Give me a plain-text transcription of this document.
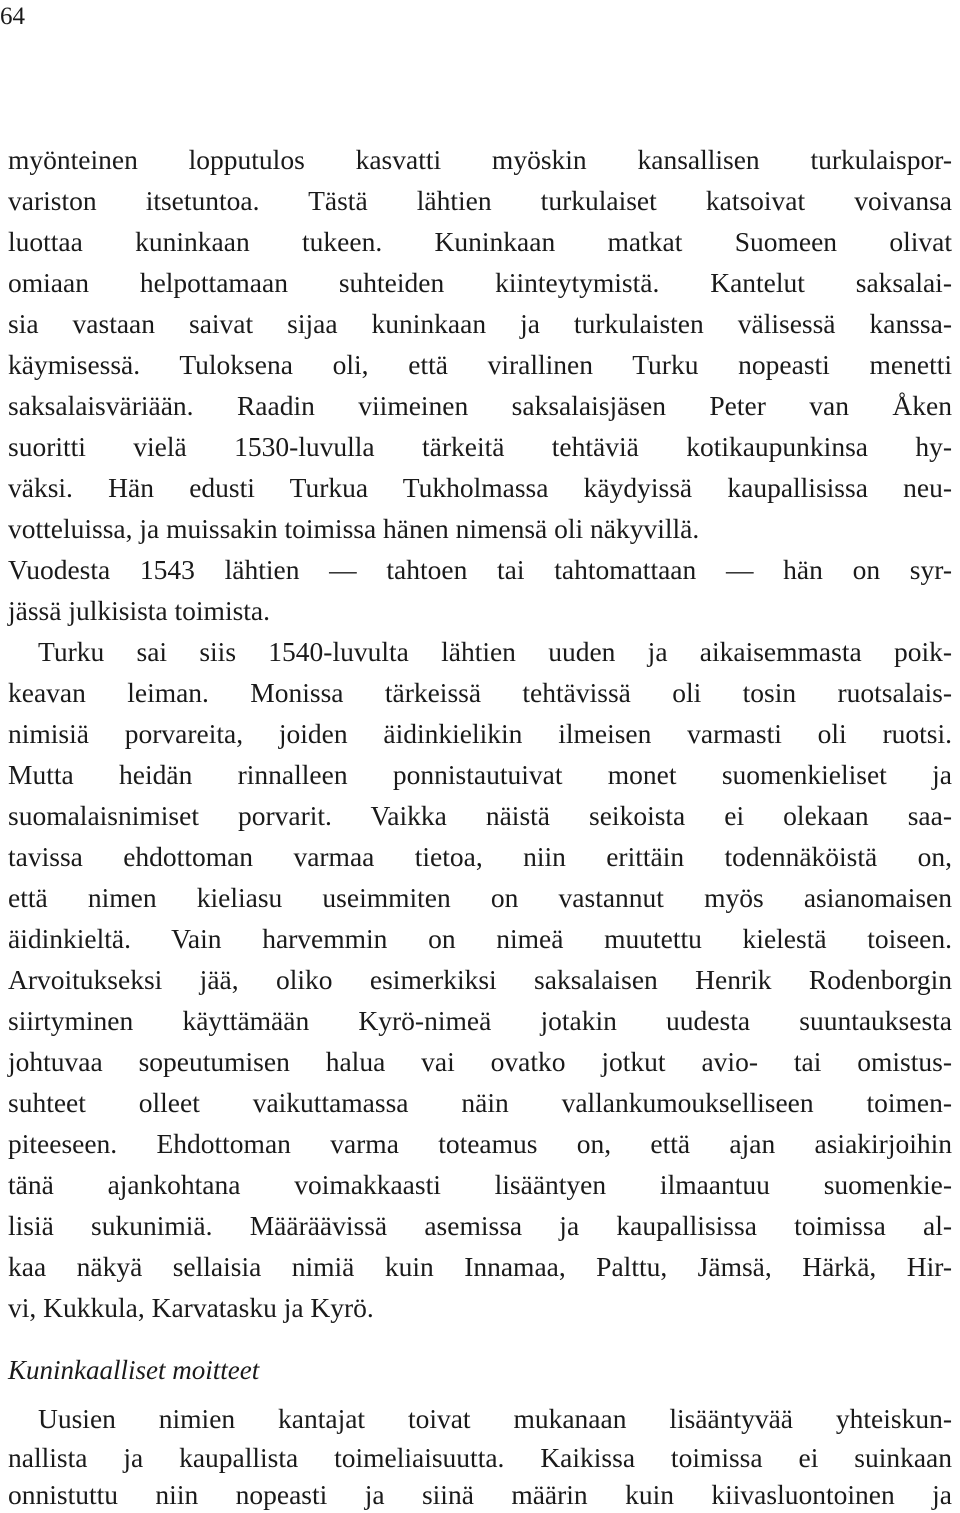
64
myönteinen lopputulos kasvatti myöskin kansallisen turkulaispor-
variston itsetuntoa. Tästä lähtien turkulaiset katsoivat voivansa
luottaa kuninkaan tukeen. Kuninkaan matkat Suomeen olivat
omiaan helpottamaan suhteiden kiinteytymistä. Kantelut saksalai-
sia vastaan saivat sijaa kuninkaan ja turkulaisten välisessä kanssa-
käymisessä. Tuloksena oli, että virallinen Turku nopeasti menetti
saksalaisväriään. Raadin viimeinen saksalaisjäsen Peter van Åken
suoritti vielä 1530-luvulla tärkeitä tehtäviä kotikaupunkinsa hy-
väksi. Hän edusti Turkua Tukholmassa käydyissä kaupallisissa neu-
votteluissa, ja muissakin toimissa hänen nimensä oli näkyvillä.
Vuodesta 1543 lähtien — tahtoen tai tahtomattaan — hän on syr-
jässä julkisista toimista.
Turku sai siis 1540-luvulta lähtien uuden ja aikaisemmasta poik-
keavan leiman. Monissa tärkeissä tehtävissä oli tosin ruotsalais-
nimisiä porvareita, joiden äidinkielikin ilmeisen varmasti oli ruotsi.
Mutta heidän rinnalleen ponnistautuivat monet suomenkieliset ja
suomalaisnimiset porvarit. Vaikka näistä seikoista ei olekaan saa-
tavissa ehdottoman varmaa tietoa, niin erittäin todennäköistä on,
että nimen kieliasu useimmiten on vastannut myös asianomaisen
äidinkieltä. Vain harvemmin on nimeä muutettu kielestä toiseen.
Arvoitukseksi jää, oliko esimerkiksi saksalaisen Henrik Rodenborgin
siirtyminen käyttämään Kyrö-nimeä jotakin uudesta suuntauksesta
johtuvaa sopeutumisen halua vai ovatko jotkut avio- tai omistus-
suhteet olleet vaikuttamassa näin vallankumoukselliseen toimen-
piteeseen. Ehdottoman varma toteamus on, että ajan asiakirjoihin
tänä ajankohtana voimakkaasti lisääntyen ilmaantuu suomenkie-
lisiä sukunimiä. Määräävissä asemissa ja kaupallisissa toimissa al-
kaa näkyä sellaisia nimiä kuin Innamaa, Palttu, Jämsä, Härkä, Hir-
vi, Kukkula, Karvatasku ja Kyrö.
Kuninkaalliset moitteet
Uusien nimien kantajat toivat mukanaan lisääntyvää yhteiskun-
nallista ja kaupallista toimeliaisuutta. Kaikissa toimissa ei suinkaan
onnistuttu niin nopeasti ja siinä määrin kuin kiivasluontoinen ja
